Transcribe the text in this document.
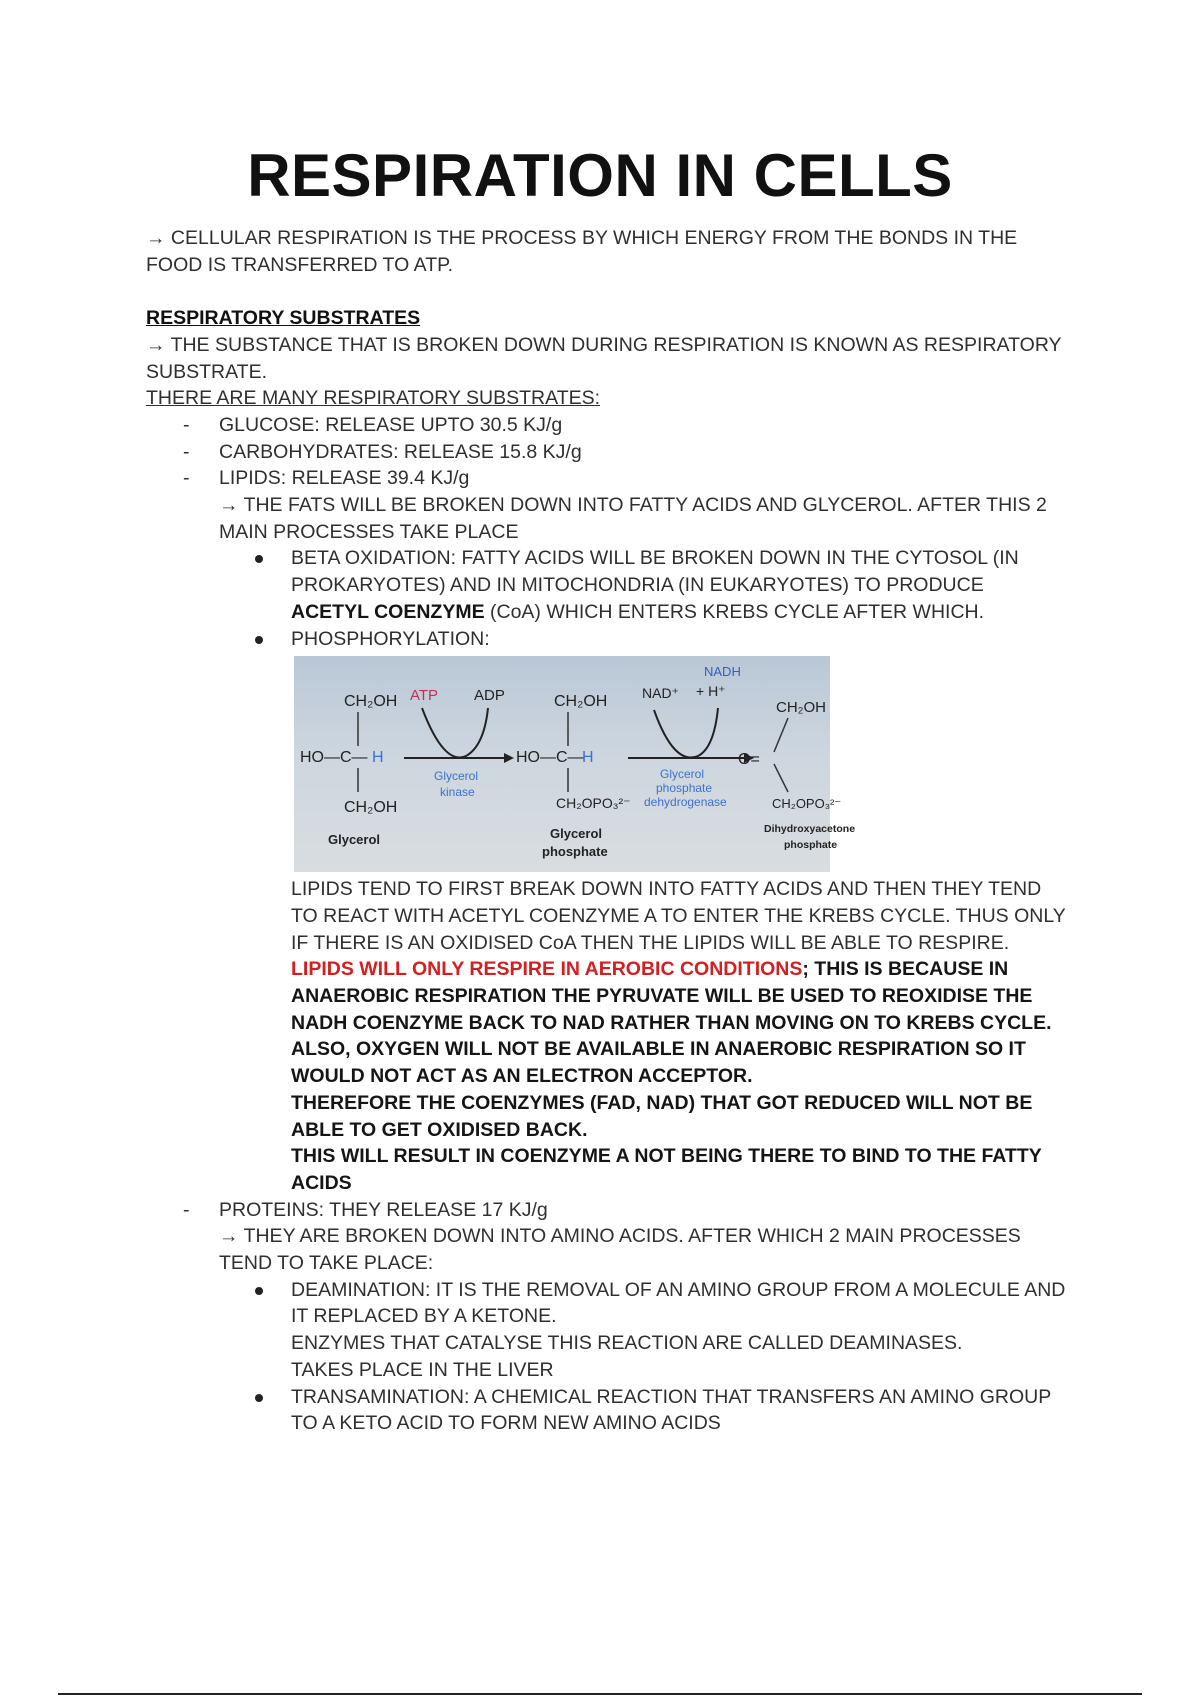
RESPIRATION IN CELLS

→ CELLULAR RESPIRATION IS THE PROCESS BY WHICH ENERGY FROM THE BONDS IN THE FOOD IS TRANSFERRED TO ATP.

RESPIRATORY SUBSTRATES

→ THE SUBSTANCE THAT IS BROKEN DOWN DURING RESPIRATION IS KNOWN AS RESPIRATORY SUBSTRATE.

THERE ARE MANY RESPIRATORY SUBSTRATES:

- GLUCOSE: RELEASE UPTO 30.5 KJ/g
- CARBOHYDRATES: RELEASE 15.8 KJ/g
- LIPIDS: RELEASE 39.4 KJ/g

→ THE FATS WILL BE BROKEN DOWN INTO FATTY ACIDS AND GLYCEROL. AFTER THIS 2 MAIN PROCESSES TAKE PLACE

BETA OXIDATION: FATTY ACIDS WILL BE BROKEN DOWN IN THE CYTOSOL (IN PROKARYOTES) AND IN MITOCHONDRIA (IN EUKARYOTES) TO PRODUCE ACETYL COENZYME (CoA) WHICH ENTERS KREBS CYCLE AFTER WHICH.
PHOSPHORYLATION:
CH₂OH
HO—C— H
CH₂OH
Glycerol
ATP ADP
Glycerol
kinase
CH₂OH
HO—C—
H
CH₂OPO₃²⁻
Glycerol
phosphate
NADH
NAD⁺ + H⁺
Glycerol
phosphate
dehydrogenase
CH₂OH
O=
CH₂OPO₃²⁻
Dihydroxyacetone
phosphate

LIPIDS TEND TO FIRST BREAK DOWN INTO FATTY ACIDS AND THEN THEY TEND TO REACT WITH ACETYL COENZYME A TO ENTER THE KREBS CYCLE. THUS ONLY IF THERE IS AN OXIDISED CoA THEN THE LIPIDS WILL BE ABLE TO RESPIRE.

LIPIDS WILL ONLY RESPIRE IN AEROBIC CONDITIONS; THIS IS BECAUSE IN ANAEROBIC RESPIRATION THE PYRUVATE WILL BE USED TO REOXIDISE THE NADH COENZYME BACK TO NAD RATHER THAN MOVING ON TO KREBS CYCLE.

ALSO, OXYGEN WILL NOT BE AVAILABLE IN ANAEROBIC RESPIRATION SO IT WOULD NOT ACT AS AN ELECTRON ACCEPTOR.

THEREFORE THE COENZYMES (FAD, NAD) THAT GOT REDUCED WILL NOT BE ABLE TO GET OXIDISED BACK.

THIS WILL RESULT IN COENZYME A NOT BEING THERE TO BIND TO THE FATTY ACIDS

- PROTEINS: THEY RELEASE 17 KJ/g

→ THEY ARE BROKEN DOWN INTO AMINO ACIDS. AFTER WHICH 2 MAIN PROCESSES TEND TO TAKE PLACE:

DEAMINATION: IT IS THE REMOVAL OF AN AMINO GROUP FROM A MOLECULE AND IT REPLACED BY A KETONE.

ENZYMES THAT CATALYSE THIS REACTION ARE CALLED DEAMINASES.

TAKES PLACE IN THE LIVER

TRANSAMINATION: A CHEMICAL REACTION THAT TRANSFERS AN AMINO GROUP TO A KETO ACID TO FORM NEW AMINO ACIDS
